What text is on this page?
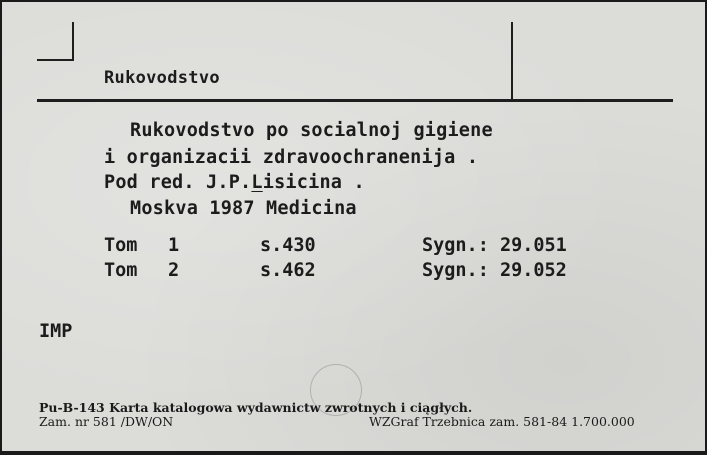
Rukovodstvo
Rukovodstvo po socialnoj gigiene
i organizacii zdravoochranenija .
Pod red. J.P.Lisicina .
Moskva 1987 Medicina
Tom 1	s.430	Sygn.: 29.051
Tom 2	s.462	Sygn.: 29.052
IMP
Pu-B-143 Karta katalogowa wydawnictw zwrotnych i ciągłych.
Zam. nr 581 /DW/ON	WZGraf Trzebnica zam. 581-84 1.700.000
